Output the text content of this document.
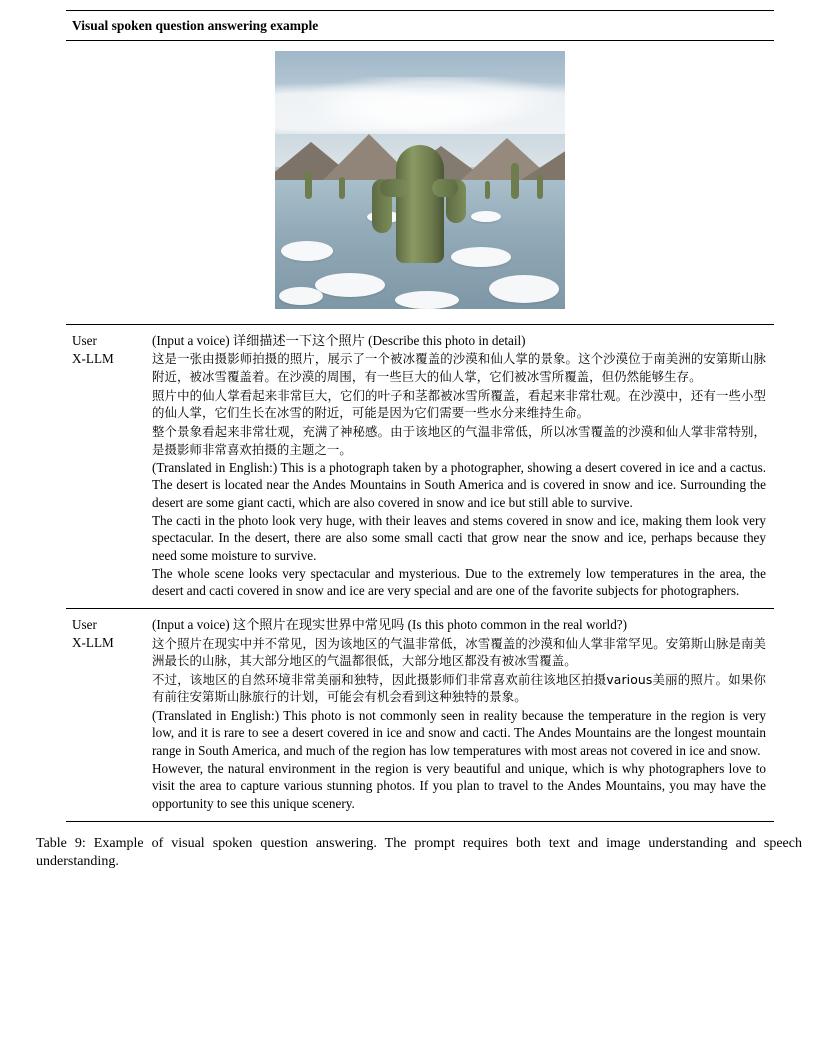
Visual spoken question answering example
User
X-LLM

(Input a voice) 详细描述一下这个照片 (Describe this photo in detail)

这是一张由摄影师拍摄的照片，展示了一个被冰覆盖的沙漠和仙人掌的景象。这个沙漠位于南美洲的安第斯山脉附近，被冰雪覆盖着。在沙漠的周围，有一些巨大的仙人掌，它们被冰雪所覆盖，但仍然能够生存。

照片中的仙人掌看起来非常巨大，它们的叶子和茎都被冰雪所覆盖，看起来非常壮观。在沙漠中，还有一些小型的仙人掌，它们生长在冰雪的附近，可能是因为它们需要一些水分来维持生命。

整个景象看起来非常壮观，充满了神秘感。由于该地区的气温非常低，所以冰雪覆盖的沙漠和仙人掌非常特别，是摄影师非常喜欢拍摄的主题之一。

(Translated in English:) This is a photograph taken by a photographer, showing a desert covered in ice and a cactus. The desert is located near the Andes Mountains in South America and is covered in snow and ice. Surrounding the desert are some giant cacti, which are also covered in snow and ice but still able to survive.

The cacti in the photo look very huge, with their leaves and stems covered in snow and ice, making them look very spectacular. In the desert, there are also some small cacti that grow near the snow and ice, perhaps because they need some moisture to survive.

The whole scene looks very spectacular and mysterious. Due to the extremely low temperatures in the area, the desert and cacti covered in snow and ice are very special and are one of the favorite subjects for photographers.

User
X-LLM

(Input a voice) 这个照片在现实世界中常见吗 (Is this photo common in the real world?)

这个照片在现实中并不常见，因为该地区的气温非常低，冰雪覆盖的沙漠和仙人掌非常罕见。安第斯山脉是南美洲最长的山脉，其大部分地区的气温都很低，大部分地区都没有被冰雪覆盖。

不过，该地区的自然环境非常美丽和独特，因此摄影师们非常喜欢前往该地区拍摄various美丽的照片。如果你有前往安第斯山脉旅行的计划，可能会有机会看到这种独特的景象。

(Translated in English:) This photo is not commonly seen in reality because the temperature in the region is very low, and it is rare to see a desert covered in ice and snow and cacti. The Andes Mountains are the longest mountain range in South America, and much of the region has low temperatures with most areas not covered in ice and snow.

However, the natural environment in the region is very beautiful and unique, which is why photographers love to visit the area to capture various stunning photos. If you plan to travel to the Andes Mountains, you may have the opportunity to see this unique scenery.

Table 9: Example of visual spoken question answering. The prompt requires both text and image understanding and speech understanding.
